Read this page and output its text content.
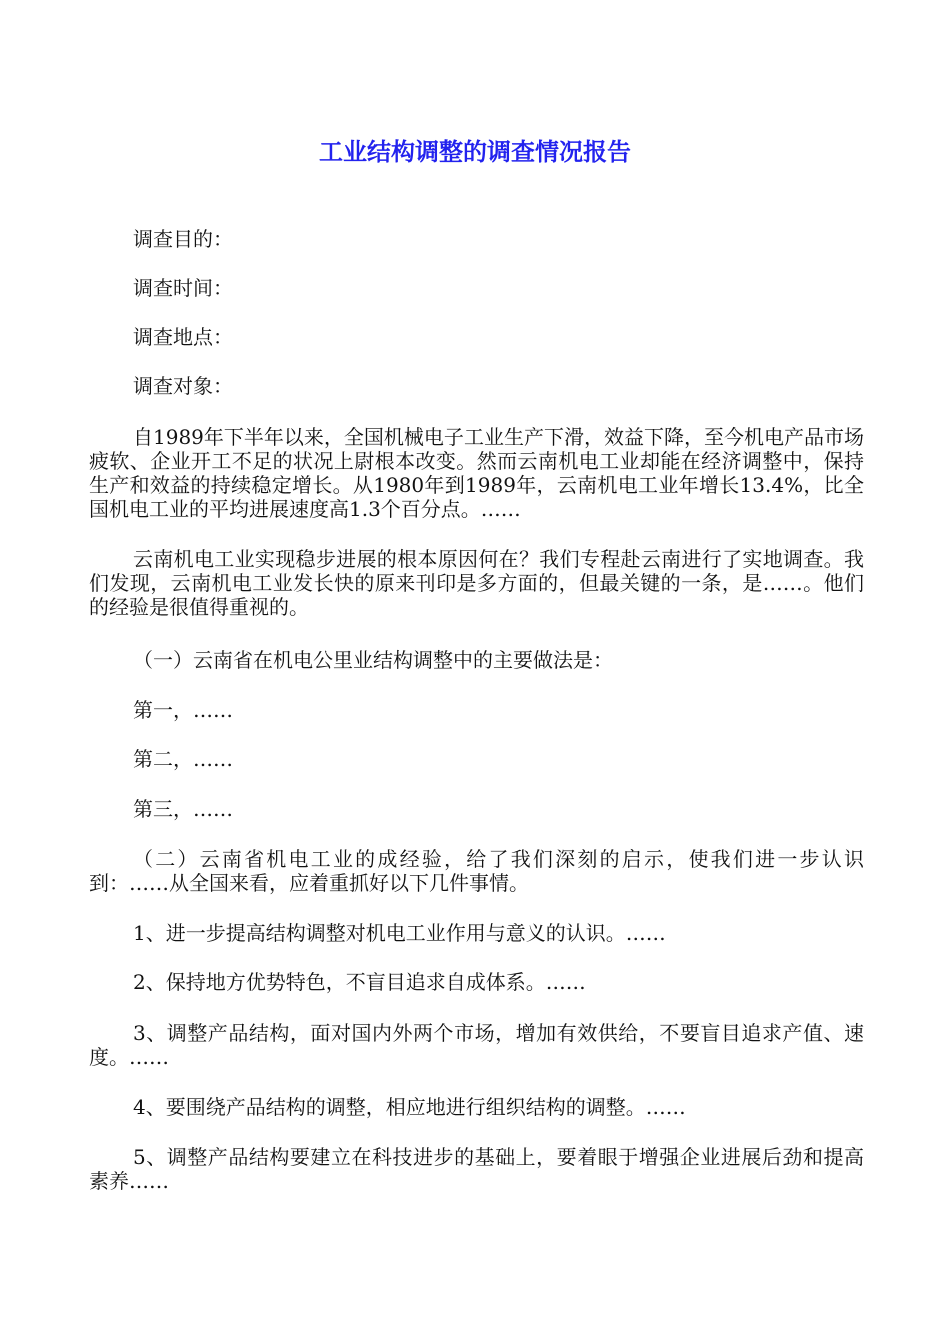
工业结构调整的调查情况报告

调查目的：

调查时间：

调查地点：

调查对象：

自1989年下半年以来，全国机械电子工业生产下滑，效益下降，至今机电产品市场疲软、企业开工不足的状况上尉根本改变。然而云南机电工业却能在经济调整中，保持生产和效益的持续稳定增长。从1980年到1989年，云南机电工业年增长13.4%，比全国机电工业的平均进展速度高1.3个百分点。……

云南机电工业实现稳步进展的根本原因何在？我们专程赴云南进行了实地调查。我们发现，云南机电工业发长快的原来刊印是多方面的，但最关键的一条，是……。他们的经验是很值得重视的。

（一）云南省在机电公里业结构调整中的主要做法是：

第一，……

第二，……

第三，……

（二）云南省机电工业的成经验，给了我们深刻的启示，使我们进一步认识到：……从全国来看，应着重抓好以下几件事情。

1、进一步提高结构调整对机电工业作用与意义的认识。……

2、保持地方优势特色，不盲目追求自成体系。……

3、调整产品结构，面对国内外两个市场，增加有效供给，不要盲目追求产值、速度。……

4、要围绕产品结构的调整，相应地进行组织结构的调整。……

5、调整产品结构要建立在科技进步的基础上，要着眼于增强企业进展后劲和提高素养……
